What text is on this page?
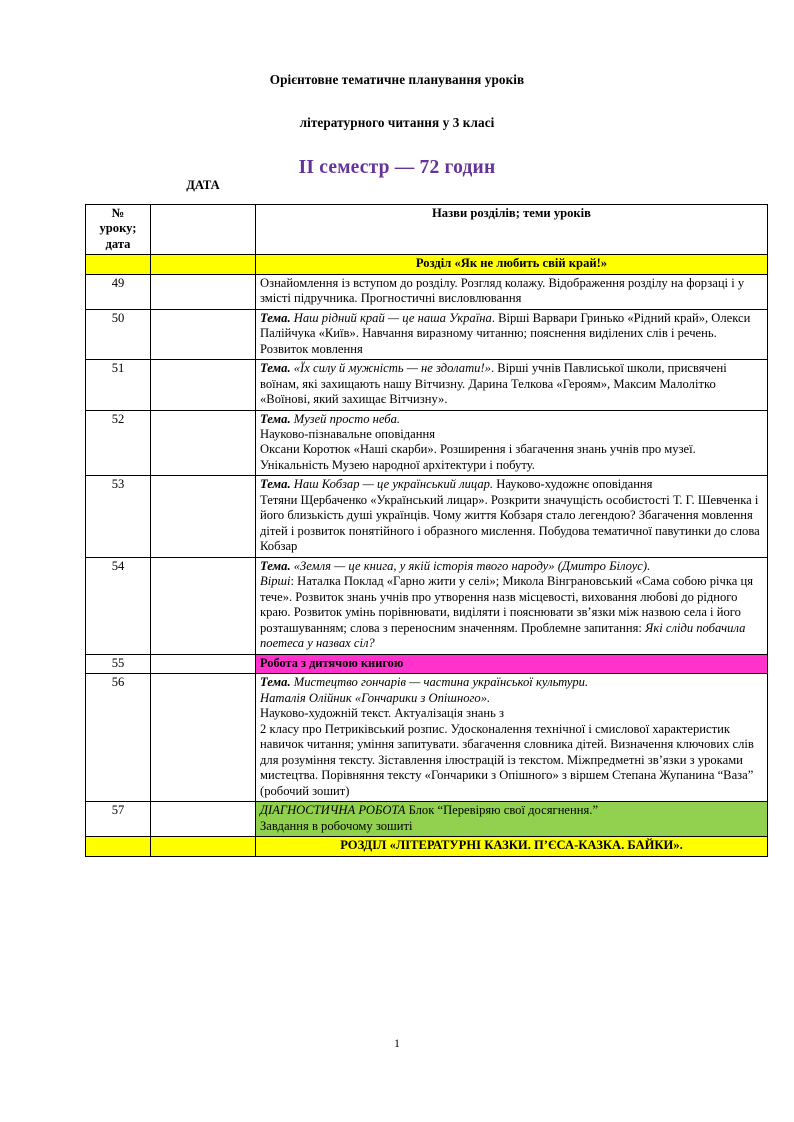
Орієнтовне тематичне планування уроків
літературного читання у 3 класі
II семестр — 72 годин
№
уроку;
дата	ДАТА	Назви розділів; теми уроків
		Розділ «Як не любить свій край!»
49		Ознайомлення із вступом до розділу. Розгляд колажу. Відображення розділу на форзаці і у змісті підручника. Прогностичні висловлювання
50		Тема. Наш рідний край — це наша Україна. Вірші Варвари Гринько «Рідний край», Олекси Палійчука «Київ». Навчання виразному читанню; пояснення виділених слів і речень. Розвиток мовлення
51		Тема. «Їх силу й мужність — не здолати!». Вірші учнів Павлиської школи, присвячені воїнам, які захищають нашу Вітчизну. Дарина Телкова «Героям», Максим Малолітко «Воїнові, який захищає Вітчизну».
52		Тема. Музей просто неба.
Науково-пізнавальне оповідання
Оксани Коротюк «Наші скарби». Розширення і збагачення знань учнів про музеї. Унікальність Музею народної архітектури і побуту.
53		Тема. Наш Кобзар — це український лицар. Науково-художнє оповідання
Тетяни Щербаченко «Український лицар». Розкрити значущість особистості Т. Г. Шевченка і його близькість душі українців. Чому життя Кобзаря стало легендою? Збагачення мовлення дітей і розвиток понятійного і образного мислення. Побудова тематичної павутинки до слова Кобзар
54		Тема. «Земля — це книга, у якій історія твого народу» (Дмитро Білоус).
Вірші: Наталка Поклад «Гарно жити у селі»; Микола Вінграновський «Сама собою річка ця тече». Розвиток знань учнів про утворення назв місцевості, виховання любові до рідного краю. Розвиток умінь порівнювати, виділяти і пояснювати зв’язки між назвою села і його розташуванням; слова з переносним значенням. Проблемне запитання: Які сліди побачила поетеса у назвах сіл?
55		Робота з дитячою книгою
56		Тема. Мистецтво гончарів — частина української культури.
Наталія Олійник «Гончарики з Опішного».
Науково-художній текст. Актуалізація знань з
2 класу про Петриківський розпис. Удосконалення технічної і смислової характеристик навичок читання; уміння запитувати. збагачення словника дітей. Визначення ключових слів для розуміння тексту. Зіставлення ілюстрацій із текстом. Міжпредметні зв’язки з уроками мистецтва. Порівняння тексту «Гончарики з Опішного» з віршем Степана Жупанина “Ваза” (робочий зошит)
57		ДІАГНОСТИЧНА РОБОТА Блок “Перевіряю свої досягнення.”
Завдання в робочому зошиті
		РОЗДІЛ «ЛІТЕРАТУРНІ КАЗКИ. П’ЄСА-КАЗКА. БАЙКИ».
1
